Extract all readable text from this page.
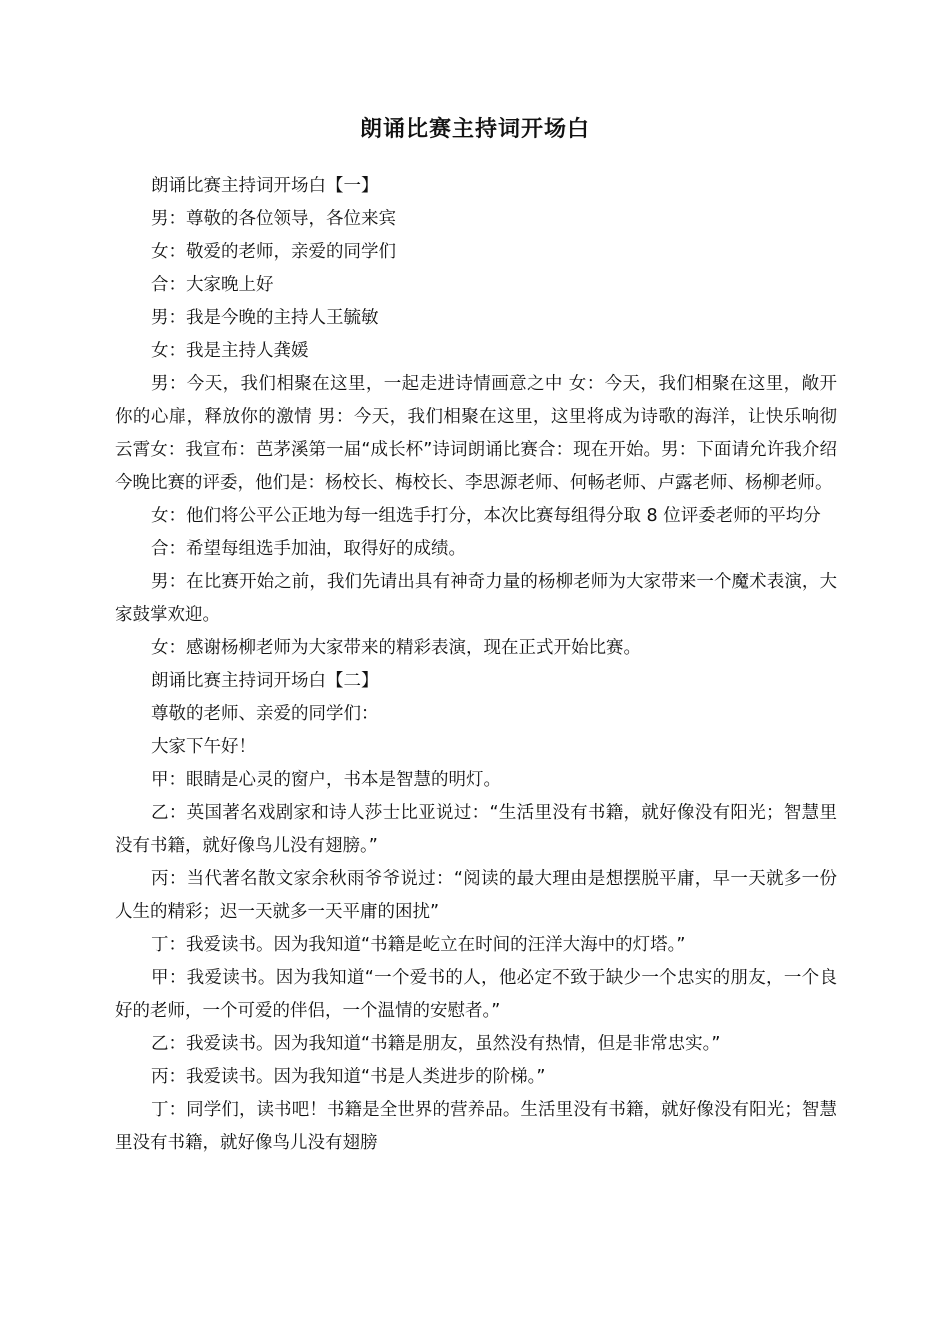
朗诵比赛主持词开场白

朗诵比赛主持词开场白【一】

男：尊敬的各位领导，各位来宾

女：敬爱的老师，亲爱的同学们

合：大家晚上好

男：我是今晚的主持人王毓敏

女：我是主持人龚媛

男：今天，我们相聚在这里，一起走进诗情画意之中 女：今天，我们相聚在这里，敞开你的心扉，释放你的激情 男：今天，我们相聚在这里，这里将成为诗歌的海洋，让快乐响彻云霄女：我宣布：芭茅溪第一届“成长杯”诗词朗诵比赛合：现在开始。男：下面请允许我介绍今晚比赛的评委，他们是：杨校长、梅校长、李思源老师、何畅老师、卢露老师、杨柳老师。

女：他们将公平公正地为每一组选手打分，本次比赛每组得分取 8 位评委老师的平均分

合：希望每组选手加油，取得好的成绩。

男：在比赛开始之前，我们先请出具有神奇力量的杨柳老师为大家带来一个魔术表演，大家鼓掌欢迎。

女：感谢杨柳老师为大家带来的精彩表演，现在正式开始比赛。

朗诵比赛主持词开场白【二】

尊敬的老师、亲爱的同学们：

大家下午好！

甲：眼睛是心灵的窗户，书本是智慧的明灯。

乙：英国著名戏剧家和诗人莎士比亚说过：“生活里没有书籍，就好像没有阳光；智慧里没有书籍，就好像鸟儿没有翅膀。”

丙：当代著名散文家余秋雨爷爷说过：“阅读的最大理由是想摆脱平庸，早一天就多一份人生的精彩；迟一天就多一天平庸的困扰”

丁：我爱读书。因为我知道“书籍是屹立在时间的汪洋大海中的灯塔。”

甲：我爱读书。因为我知道“一个爱书的人，他必定不致于缺少一个忠实的朋友，一个良好的老师，一个可爱的伴侣，一个温情的安慰者。”

乙：我爱读书。因为我知道“书籍是朋友，虽然没有热情，但是非常忠实。”

丙：我爱读书。因为我知道“书是人类进步的阶梯。”

丁：同学们，读书吧！书籍是全世界的营养品。生活里没有书籍，就好像没有阳光；智慧里没有书籍，就好像鸟儿没有翅膀
